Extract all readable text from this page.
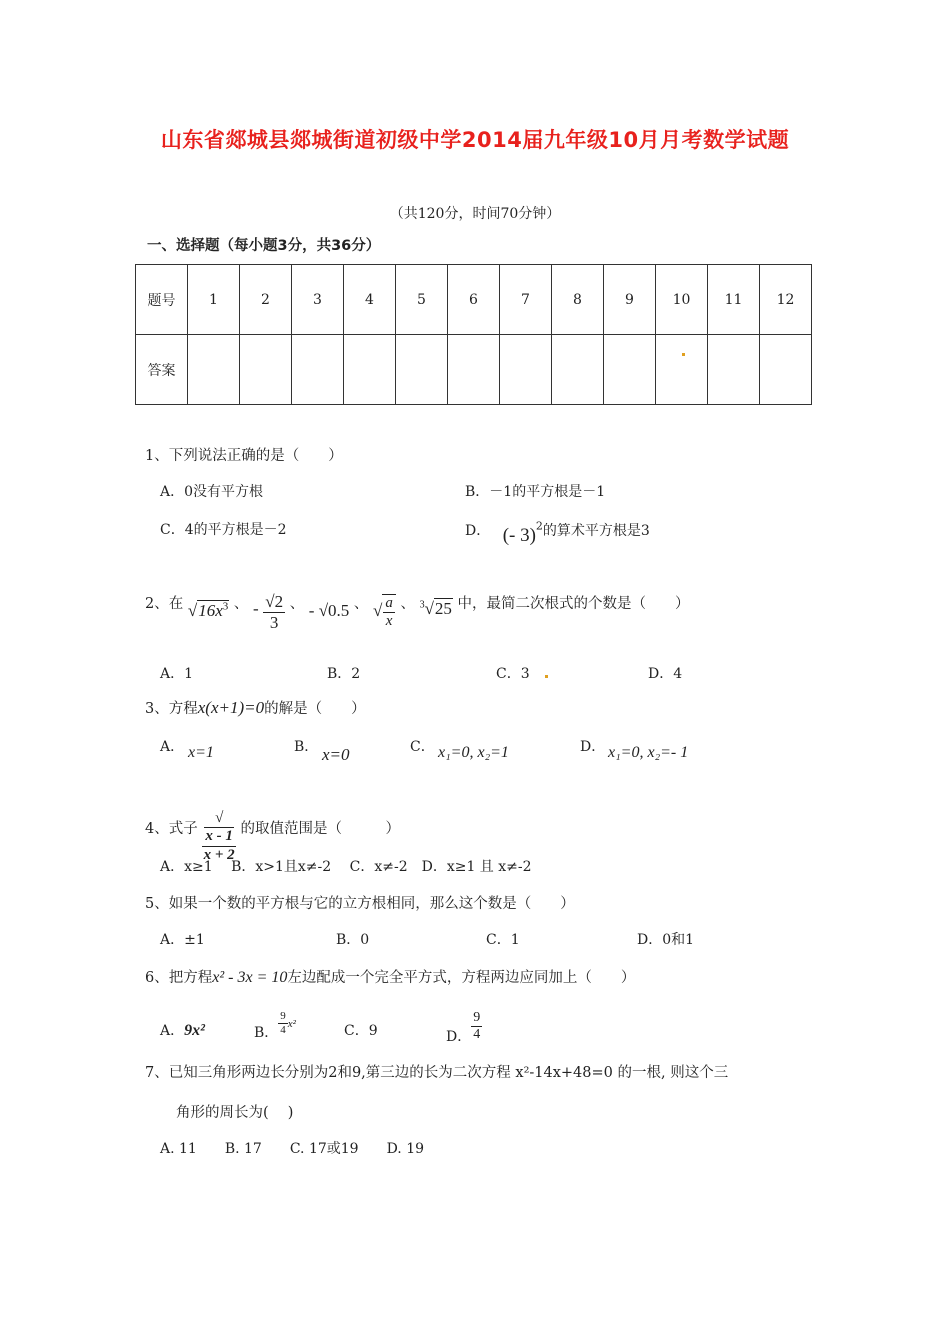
山东省郯城县郯城街道初级中学2014届九年级10月月考数学试题
（共120分，时间70分钟）
一、选择题（每小题3分，共36分）
题号	1	2	3	4	5	6	7	8	9	10	11	12
答案												
1、下列说法正确的是（　　）
A．0没有平方根	B．－1的平方根是－1
C．4的平方根是－2	D． (- 3)$^2$的算术平方根是3
2、在 $√16x^3$ 、 - $\frac{√2}{3}$ 、 - √0.5 、 √ $\frac{a}{x}$ 、 $^3$√25 中，最简二次根式的个数是（　　）
A．1	B．2	C．3	D．4
3、方程x(x+1)=0的解是（　　）
A． x=1	B． x=0	C． x₁=0, x₂=1	D． x₁=0, x₂=- 1
4、式子 √
x - 1
x + 2 的取值范围是（　　　）
A．x≥1　 B．x>1且x≠-2　 C．x≠-2　D．x≥1 且 x≠-2
5、如果一个数的平方根与它的立方根相同，那么这个数是（　　）
A．±1	B．0	C．1	D．0和1
6、把方程x² - 3x = 10左边配成一个完全平方式，方程两边应同加上（　　）
A．9x²	B． $\frac{9}{4} x^2$	C．9	D． $\frac{9}{4}$
7、已知三角形两边长分别为2和9,第三边的长为二次方程 x²-14x+48=0 的一根, 则这个三
角形的周长为(　 )
A. 11　　B. 17　　C. 17或19　　D. 19
